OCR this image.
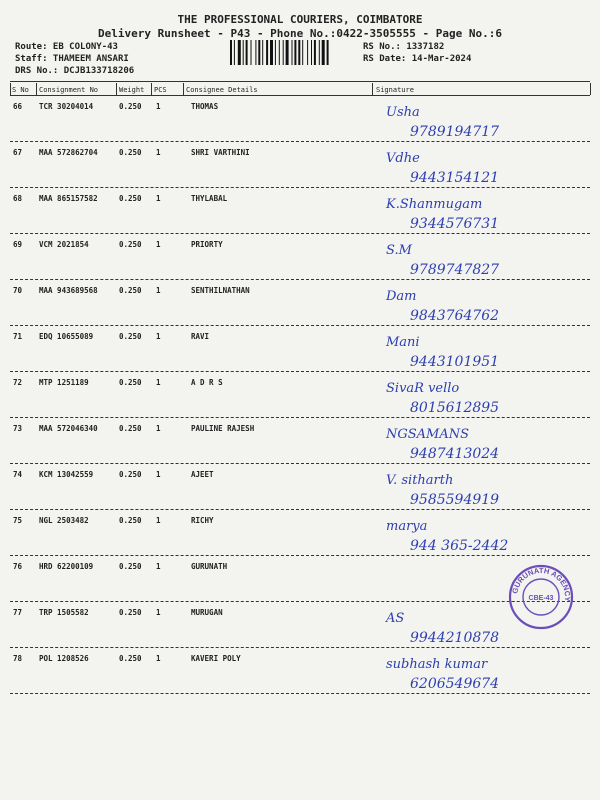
THE PROFESSIONAL COURIERS, COIMBATORE
Delivery Runsheet - P43 - Phone No.:0422-3505555 - Page No.:6
Route: EB COLONY-43
Staff: THAMEEM ANSARI
DRS No.: DCJB133718206
RS No.: 1337182
RS Date: 14-Mar-2024
S No Consignment No	Weight PCS	Consignee Details	Signature
66 TCR 30204014	0.250 1	THOMAS	Usha
9789194717
67 MAA 572862704	0.250 1	SHRI VARTHINI	Vdhe
9443154121
68 MAA 865157582	0.250 1	THYLABAL	K.Shanmugam
9344576731
69 VCM 2021854	0.250 1	PRIORTY	S.M
9789747827
70 MAA 943689568	0.250 1	SENTHILNATHAN	Dam
9843764762
71 EDQ 10655089	0.250 1	RAVI	Mani
9443101951
72 MTP 1251189	0.250 1	A D R S	SivaR vello
8015612895
73 MAA 572046340	0.250 1	PAULINE RAJESH	NGSAMANS
9487413024
74 KCM 13042559	0.250 1	AJEET	V. sitharth
9585594919
75 NGL 2503482	0.250 1	RICHY	marya
944 365-2442
76 HRD 62200109	0.250 1	GURUNATH
77 TRP 1505582	0.250 1	MURUGAN	AS
9944210878
78 POL 1208526	0.250 1	KAVERI POLY	subhash kumar
6206549674
GURUNATH AGENCY
CBE-43
